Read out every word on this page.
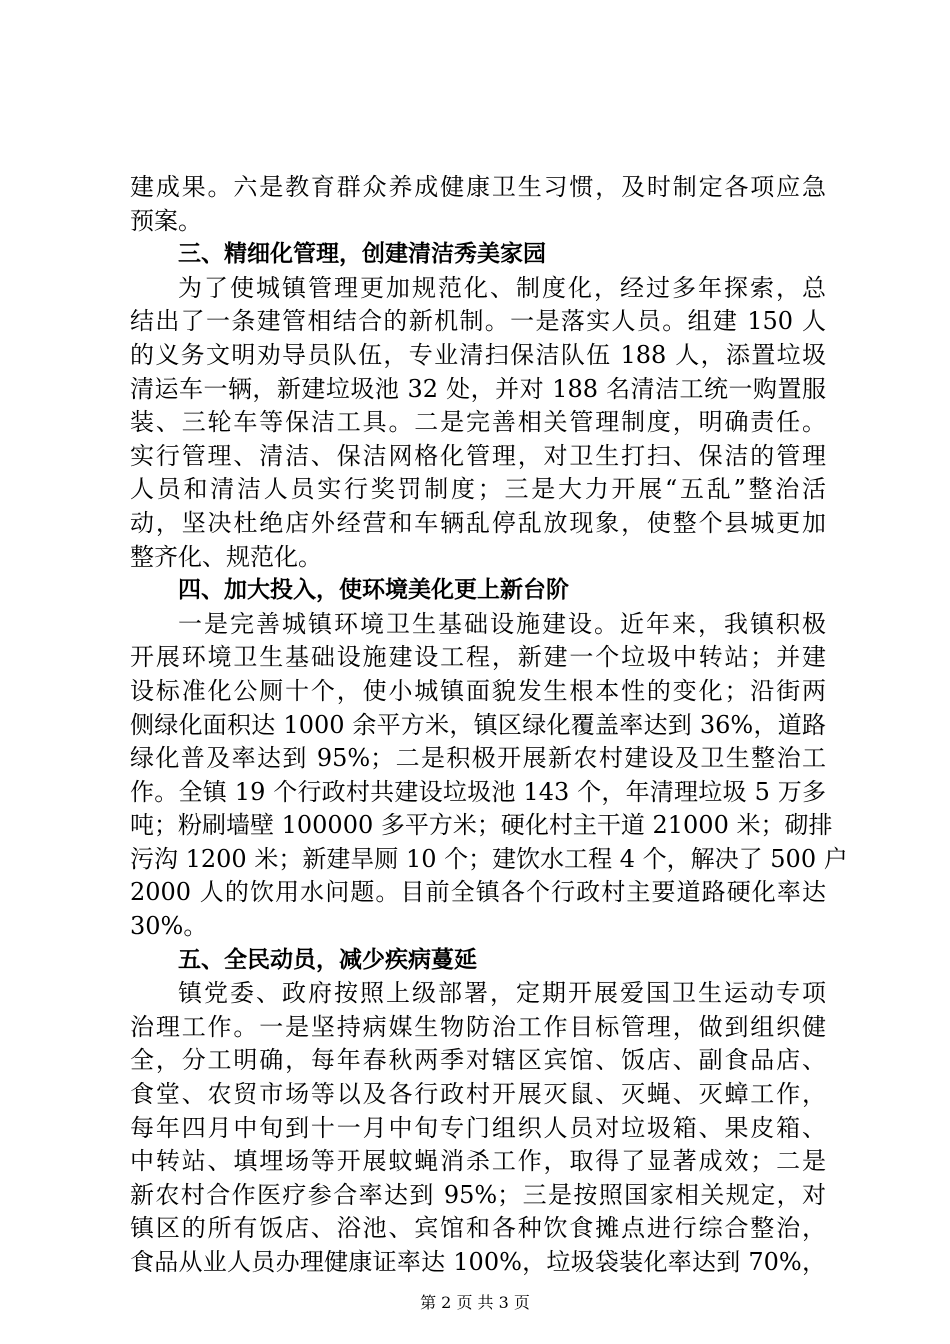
建成果。六是教育群众养成健康卫生习惯，及时制定各项应急
预案。
三、精细化管理，创建清洁秀美家园
为了使城镇管理更加规范化、制度化，经过多年探索，总
结出了一条建管相结合的新机制。一是落实人员。组建 150 人
的义务文明劝导员队伍，专业清扫保洁队伍 188 人，添置垃圾
清运车一辆，新建垃圾池 32 处，并对 188 名清洁工统一购置服
装、三轮车等保洁工具。二是完善相关管理制度，明确责任。
实行管理、清洁、保洁网格化管理，对卫生打扫、保洁的管理
人员和清洁人员实行奖罚制度；三是大力开展“五乱”整治活
动，坚决杜绝店外经营和车辆乱停乱放现象，使整个县城更加
整齐化、规范化。
四、加大投入，使环境美化更上新台阶
一是完善城镇环境卫生基础设施建设。近年来，我镇积极
开展环境卫生基础设施建设工程，新建一个垃圾中转站；并建
设标准化公厕十个，使小城镇面貌发生根本性的变化；沿街两
侧绿化面积达 1000 余平方米，镇区绿化覆盖率达到 36%，道路
绿化普及率达到 95%；二是积极开展新农村建设及卫生整治工
作。全镇 19 个行政村共建设垃圾池 143 个，年清理垃圾 5 万多
吨；粉刷墙壁 100000 多平方米；硬化村主干道 21000 米；砌排
污沟 1200 米；新建旱厕 10 个；建饮水工程 4 个，解决了 500 户
2000 人的饮用水问题。目前全镇各个行政村主要道路硬化率达
30%。
五、全民动员，减少疾病蔓延
镇党委、政府按照上级部署，定期开展爱国卫生运动专项
治理工作。一是坚持病媒生物防治工作目标管理，做到组织健
全，分工明确，每年春秋两季对辖区宾馆、饭店、副食品店、
食堂、农贸市场等以及各行政村开展灭鼠、灭蝇、灭蟑工作，
每年四月中旬到十一月中旬专门组织人员对垃圾箱、果皮箱、
中转站、填埋场等开展蚊蝇消杀工作，取得了显著成效；二是
新农村合作医疗参合率达到 95%；三是按照国家相关规定，对
镇区的所有饭店、浴池、宾馆和各种饮食摊点进行综合整治，
食品从业人员办理健康证率达 100%，垃圾袋装化率达到 70%，
第 2 页 共 3 页
